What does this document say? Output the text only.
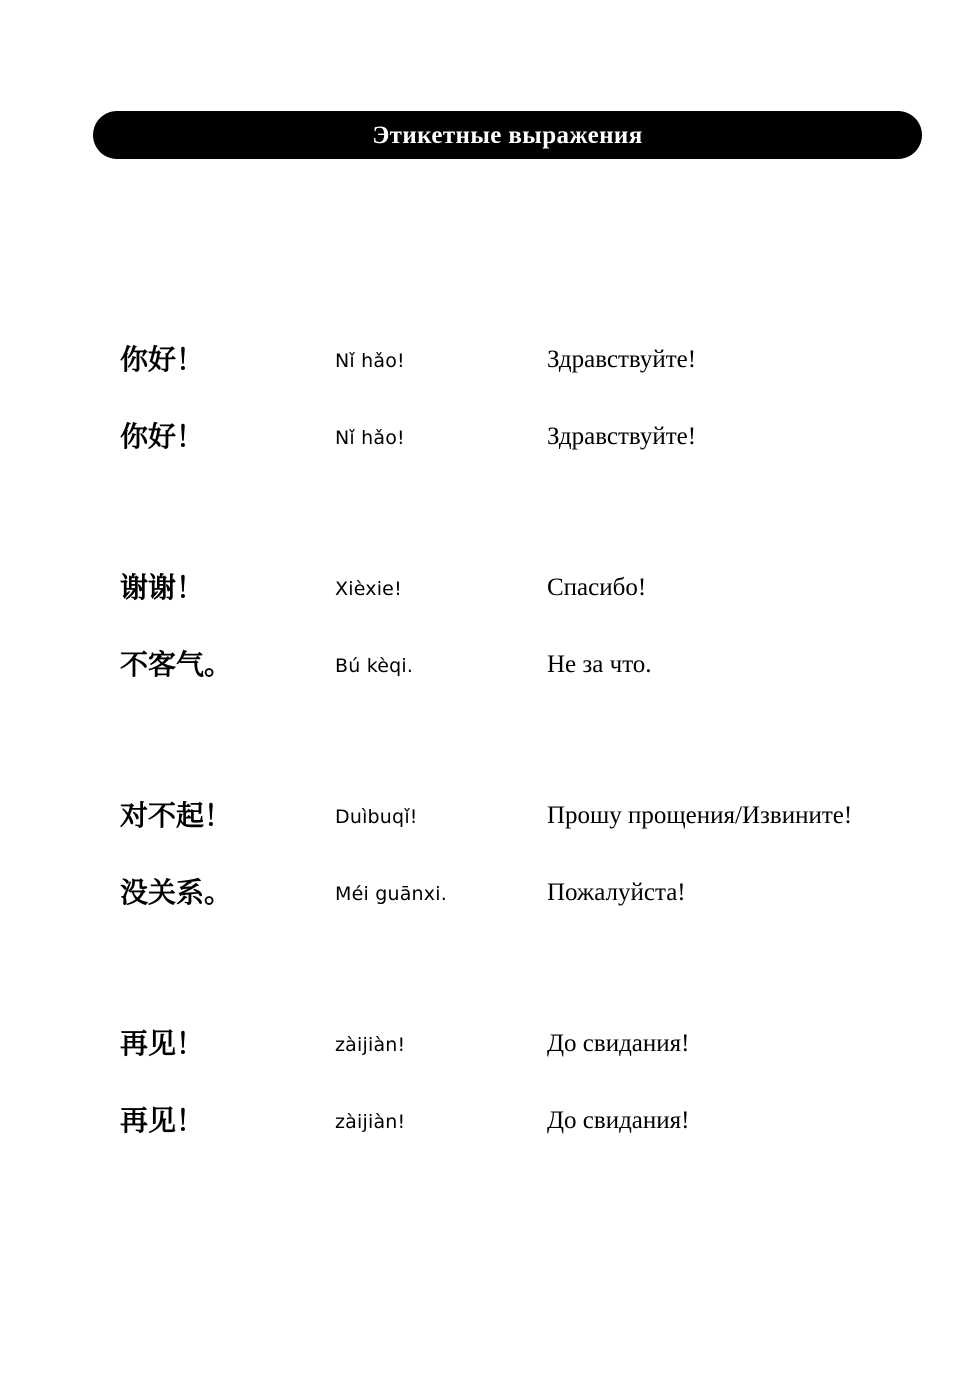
Этикетные выражения
你好！	Nǐ hǎo!	Здравствуйте!
你好！	Nǐ hǎo!	Здравствуйте!
谢谢！	Xièxie!	Спасибо!
不客气。	Bú kèqi.	Не за что.
对不起！	Duìbuqǐ!	Прошу прощения/Извините!
没关系。	Méi guānxi.	Пожалуйста!
再见！	zàijiàn!	До свидания!
再见！	zàijiàn!	До свидания!
